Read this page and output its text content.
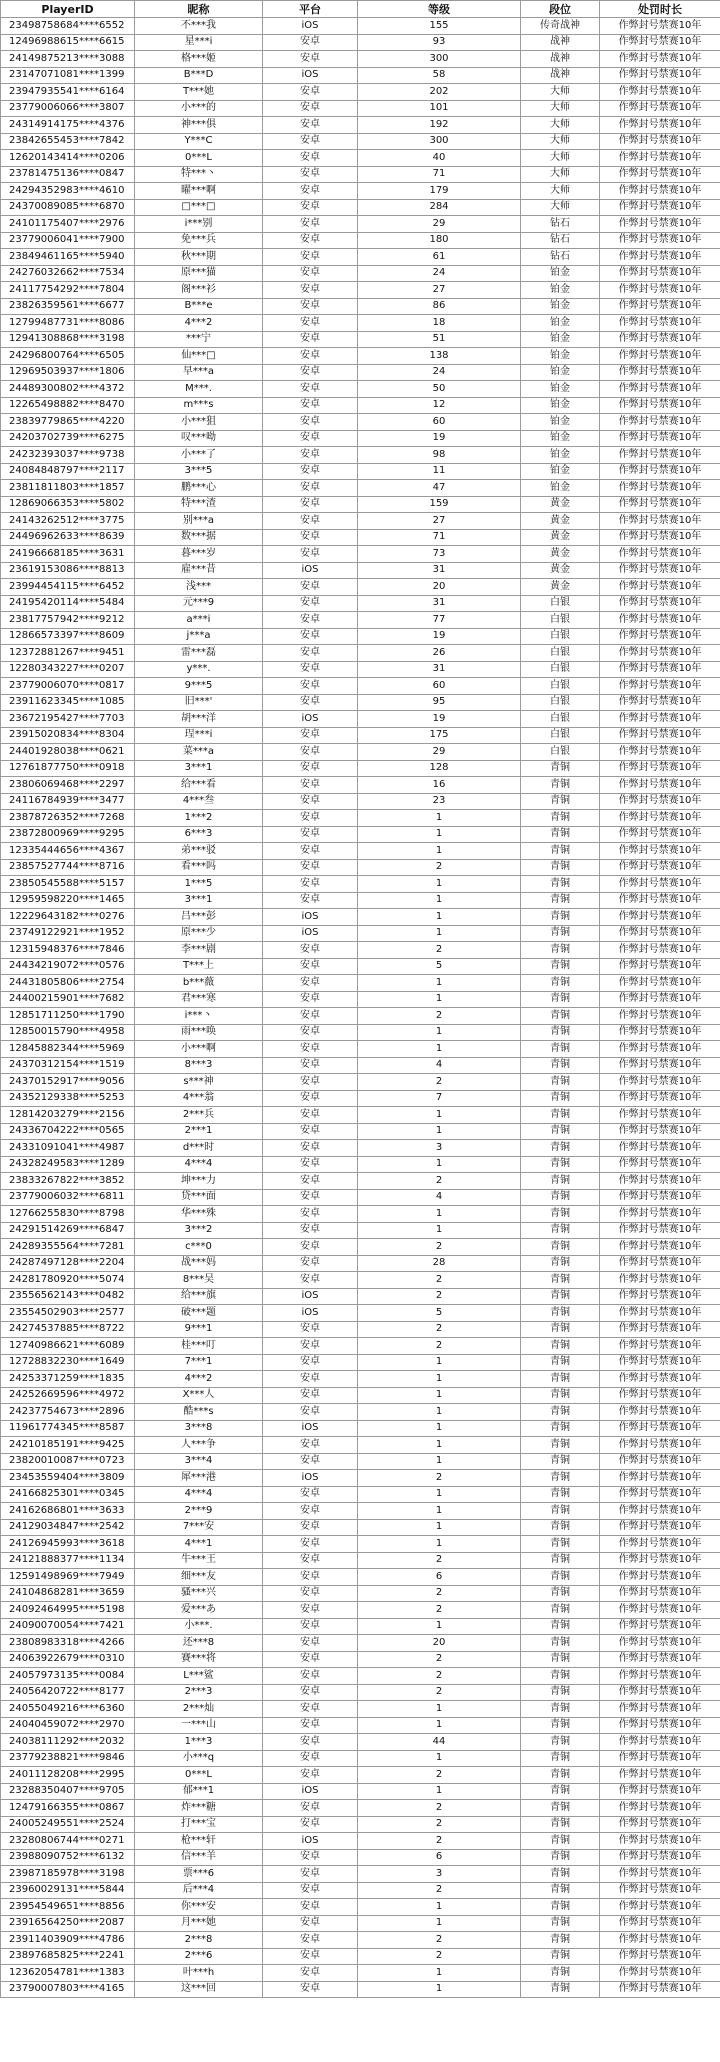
PlayerID	昵称	平台	等级	段位	处罚时长
23498758684****6552	不***我	iOS	155	传奇战神	作弊封号禁赛10年
12496988615****6615	星***i	安卓	93	战神	作弊封号禁赛10年
24149875213****3088	格***姬	安卓	300	战神	作弊封号禁赛10年
23147071081****1399	B***D	iOS	58	战神	作弊封号禁赛10年
23947935541****6164	T***她	安卓	202	大师	作弊封号禁赛10年
23779006066****3807	小***的	安卓	101	大师	作弊封号禁赛10年
24314914175****4376	神***俱	安卓	192	大师	作弊封号禁赛10年
23842655453****7842	Y***C	安卓	300	大师	作弊封号禁赛10年
12620143414****0206	0***L	安卓	40	大师	作弊封号禁赛10年
23781475136****0847	特***丶	安卓	71	大师	作弊封号禁赛10年
24294352983****4610	曜***啊	安卓	179	大师	作弊封号禁赛10年
24370089085****6870	□***□	安卓	284	大师	作弊封号禁赛10年
24101175407****2976	i***别	安卓	29	钻石	作弊封号禁赛10年
23779006041****7900	免***兵	安卓	180	钻石	作弊封号禁赛10年
23849461165****5940	秋***期	安卓	61	钻石	作弊封号禁赛10年
24276032662****7534	原***猫	安卓	24	铂金	作弊封号禁赛10年
24117754292****7804	阁***衫	安卓	27	铂金	作弊封号禁赛10年
23826359561****6677	B***e	安卓	86	铂金	作弊封号禁赛10年
12799487731****8086	4***2	安卓	18	铂金	作弊封号禁赛10年
12941308868****3198	***宁	安卓	51	铂金	作弊封号禁赛10年
24296800764****6505	仙***□	安卓	138	铂金	作弊封号禁赛10年
12969503937****1806	早***a	安卓	24	铂金	作弊封号禁赛10年
24489300802****4372	M***.	安卓	50	铂金	作弊封号禁赛10年
12265498882****8470	m***s	安卓	12	铂金	作弊封号禁赛10年
23839779865****4220	小***狙	安卓	60	铂金	作弊封号禁赛10年
24203702739****6275	叹***呦	安卓	19	铂金	作弊封号禁赛10年
24232393037****9738	小***了	安卓	98	铂金	作弊封号禁赛10年
24084848797****2117	3***5	安卓	11	铂金	作弊封号禁赛10年
23811811803****1857	鹏***心	安卓	47	铂金	作弊封号禁赛10年
12869066353****5802	特***渣	安卓	159	黄金	作弊封号禁赛10年
24143262512****3775	别***a	安卓	27	黄金	作弊封号禁赛10年
24496962633****8639	数***据	安卓	71	黄金	作弊封号禁赛10年
24196668185****3631	暮***岁	安卓	73	黄金	作弊封号禁赛10年
23619153086****8813	雇***昔	iOS	31	黄金	作弊封号禁赛10年
23994454115****6452	浅***	安卓	20	黄金	作弊封号禁赛10年
24195420114****5484	元***9	安卓	31	白银	作弊封号禁赛10年
23817757942****9212	a***i	安卓	77	白银	作弊封号禁赛10年
12866573397****8609	j***a	安卓	19	白银	作弊封号禁赛10年
12372881267****9451	雷***磊	安卓	26	白银	作弊封号禁赛10年
12280343227****0207	y***.	安卓	31	白银	作弊封号禁赛10年
23779006070****0817	9***5	安卓	60	白银	作弊封号禁赛10年
23911623345****1085	旧***'	安卓	95	白银	作弊封号禁赛10年
23672195427****7703	胡***洋	iOS	19	白银	作弊封号禁赛10年
23915020834****8304	珵***i	安卓	175	白银	作弊封号禁赛10年
24401928038****0621	菜***a	安卓	29	白银	作弊封号禁赛10年
12761877750****0918	3***1	安卓	128	青铜	作弊封号禁赛10年
23806069468****2297	给***看	安卓	16	青铜	作弊封号禁赛10年
24116784939****3477	4***叁	安卓	23	青铜	作弊封号禁赛10年
23878726352****7268	1***2	安卓	1	青铜	作弊封号禁赛10年
23872800969****9295	6***3	安卓	1	青铜	作弊封号禁赛10年
12335444656****4367	弟***驳	安卓	1	青铜	作弊封号禁赛10年
23857527744****8716	看***吗	安卓	2	青铜	作弊封号禁赛10年
23850545588****5157	1***5	安卓	1	青铜	作弊封号禁赛10年
12959598220****1465	3***1	安卓	1	青铜	作弊封号禁赛10年
12229643182****0276	吕***彭	iOS	1	青铜	作弊封号禁赛10年
23749122921****1952	原***少	iOS	1	青铜	作弊封号禁赛10年
12315948376****7846	李***剧	安卓	2	青铜	作弊封号禁赛10年
24434219072****0576	T***上	安卓	5	青铜	作弊封号禁赛10年
24431805806****2754	b***薇	安卓	1	青铜	作弊封号禁赛10年
24400215901****7682	君***寒	安卓	1	青铜	作弊封号禁赛10年
12851711250****1790	i***丶	安卓	2	青铜	作弊封号禁赛10年
12850015790****4958	雨***唤	安卓	1	青铜	作弊封号禁赛10年
12845882344****5969	小***啊	安卓	1	青铜	作弊封号禁赛10年
24370312154****1519	8***3	安卓	4	青铜	作弊封号禁赛10年
24370152917****9056	s***神	安卓	2	青铜	作弊封号禁赛10年
24352129338****5253	4***翁	安卓	7	青铜	作弊封号禁赛10年
12814203279****2156	2***兵	安卓	1	青铜	作弊封号禁赛10年
24336704222****0565	2***1	安卓	1	青铜	作弊封号禁赛10年
24331091041****4987	d***时	安卓	3	青铜	作弊封号禁赛10年
24328249583****1289	4***4	安卓	1	青铜	作弊封号禁赛10年
23833267822****3852	坤***力	安卓	2	青铜	作弊封号禁赛10年
23779006032****6811	贷***面	安卓	4	青铜	作弊封号禁赛10年
12766255830****8798	华***殊	安卓	1	青铜	作弊封号禁赛10年
24291514269****6847	3***2	安卓	1	青铜	作弊封号禁赛10年
24289355564****7281	c***0	安卓	2	青铜	作弊封号禁赛10年
24287497128****2204	战***妈	安卓	28	青铜	作弊封号禁赛10年
24281780920****5074	8***吴	安卓	2	青铜	作弊封号禁赛10年
23556562143****0482	给***旗	iOS	2	青铜	作弊封号禁赛10年
23554502903****2577	破***题	iOS	5	青铜	作弊封号禁赛10年
24274537885****8722	9***1	安卓	2	青铜	作弊封号禁赛10年
12740986621****6089	桂***叮	安卓	2	青铜	作弊封号禁赛10年
12728832230****1649	7***1	安卓	1	青铜	作弊封号禁赛10年
24253371259****1835	4***2	安卓	1	青铜	作弊封号禁赛10年
24252669596****4972	X***人	安卓	1	青铜	作弊封号禁赛10年
24237754673****2896	酷***s	安卓	1	青铜	作弊封号禁赛10年
11961774345****8587	3***8	iOS	1	青铜	作弊封号禁赛10年
24210185191****9425	人***争	安卓	1	青铜	作弊封号禁赛10年
23820010087****0723	3***4	安卓	1	青铜	作弊封号禁赛10年
23453559404****3809	犀***港	iOS	2	青铜	作弊封号禁赛10年
24166825301****0345	4***4	安卓	1	青铜	作弊封号禁赛10年
24162686801****3633	2***9	安卓	1	青铜	作弊封号禁赛10年
24129034847****2542	7***安	安卓	1	青铜	作弊封号禁赛10年
24126945993****3618	4***1	安卓	1	青铜	作弊封号禁赛10年
24121888377****1134	牛***王	安卓	2	青铜	作弊封号禁赛10年
12591498969****7949	细***友	安卓	6	青铜	作弊封号禁赛10年
24104868281****3659	骚***兴	安卓	2	青铜	作弊封号禁赛10年
24092464995****5198	爱***あ	安卓	2	青铜	作弊封号禁赛10年
24090070054****7421	小***.	安卓	1	青铜	作弊封号禁赛10年
23808983318****4266	还***8	安卓	20	青铜	作弊封号禁赛10年
24063922679****0310	賽***将	安卓	2	青铜	作弊封号禁赛10年
24057973135****0084	L***鲨	安卓	2	青铜	作弊封号禁赛10年
24056420722****8177	2***3	安卓	2	青铜	作弊封号禁赛10年
24055049216****6360	2***灿	安卓	1	青铜	作弊封号禁赛10年
24040459072****2970	一***山	安卓	1	青铜	作弊封号禁赛10年
24038111292****2032	1***3	安卓	44	青铜	作弊封号禁赛10年
23779238821****9846	小***q	安卓	1	青铜	作弊封号禁赛10年
24011128208****2995	0***L	安卓	2	青铜	作弊封号禁赛10年
23288350407****9705	郁***1	iOS	1	青铜	作弊封号禁赛10年
12479166355****0867	炸***糖	安卓	2	青铜	作弊封号禁赛10年
24005249551****2524	打***宝	安卓	2	青铜	作弊封号禁赛10年
23280806744****0271	枪***轩	iOS	2	青铜	作弊封号禁赛10年
23988090752****6132	信***羊	安卓	6	青铜	作弊封号禁赛10年
23987185978****3198	票***6	安卓	3	青铜	作弊封号禁赛10年
23960029131****5844	后***4	安卓	2	青铜	作弊封号禁赛10年
23954549651****8856	你***安	安卓	1	青铜	作弊封号禁赛10年
23916564250****2087	月***她	安卓	1	青铜	作弊封号禁赛10年
23911403909****4786	2***8	安卓	2	青铜	作弊封号禁赛10年
23897685825****2241	2***6	安卓	2	青铜	作弊封号禁赛10年
12362054781****1383	叶***h	安卓	1	青铜	作弊封号禁赛10年
23790007803****4165	这***回	安卓	1	青铜	作弊封号禁赛10年
